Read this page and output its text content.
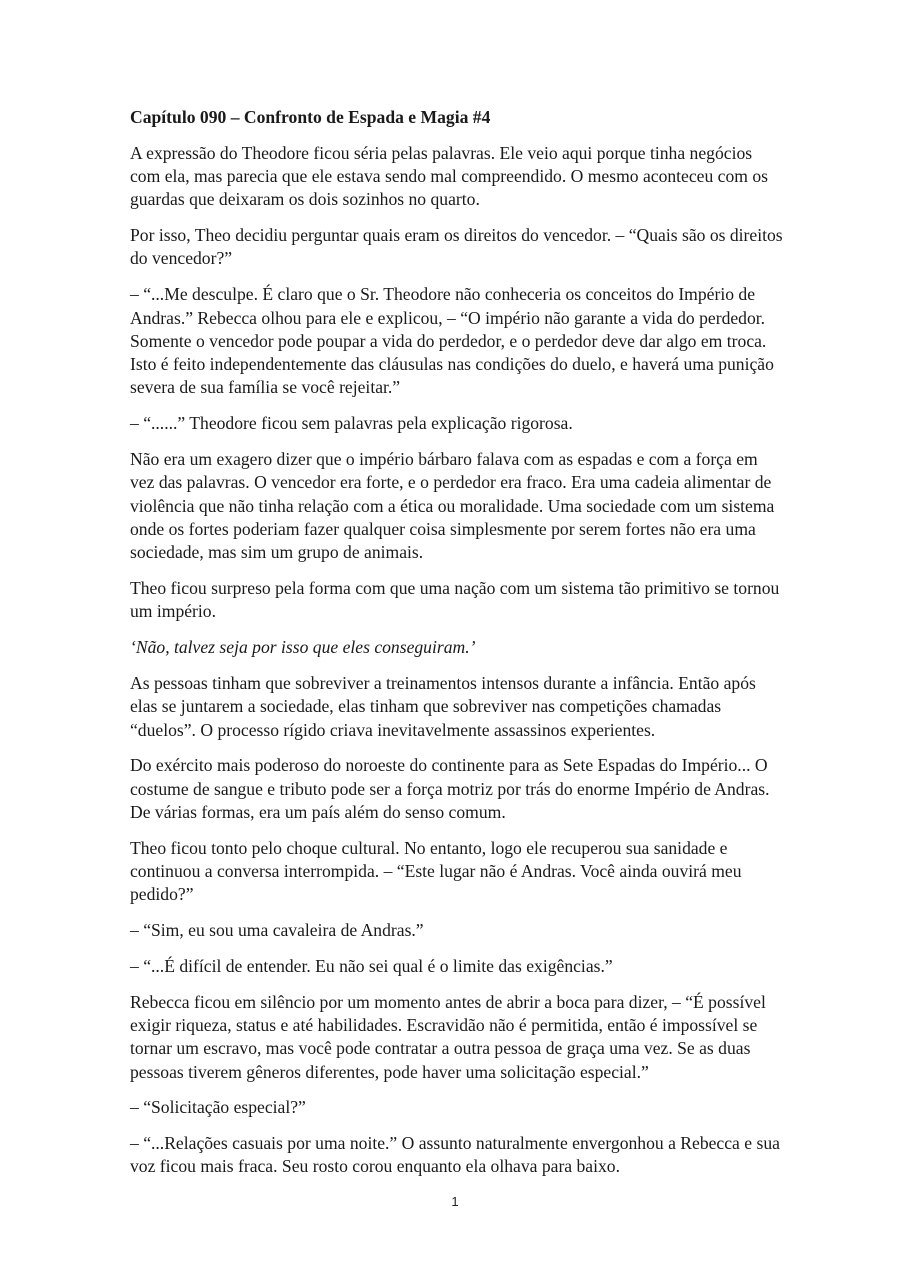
Capítulo 090 – Confronto de Espada e Magia #4

A expressão do Theodore ficou séria pelas palavras. Ele veio aqui porque tinha negócios com ela, mas parecia que ele estava sendo mal compreendido. O mesmo aconteceu com os guardas que deixaram os dois sozinhos no quarto.

Por isso, Theo decidiu perguntar quais eram os direitos do vencedor. – “Quais são os direitos do vencedor?”

– “...Me desculpe. É claro que o Sr. Theodore não conheceria os conceitos do Império de Andras.” Rebecca olhou para ele e explicou, – “O império não garante a vida do perdedor. Somente o vencedor pode poupar a vida do perdedor, e o perdedor deve dar algo em troca. Isto é feito independentemente das cláusulas nas condições do duelo, e haverá uma punição severa de sua família se você rejeitar.”

– “......” Theodore ficou sem palavras pela explicação rigorosa.

Não era um exagero dizer que o império bárbaro falava com as espadas e com a força em vez das palavras. O vencedor era forte, e o perdedor era fraco. Era uma cadeia alimentar de violência que não tinha relação com a ética ou moralidade. Uma sociedade com um sistema onde os fortes poderiam fazer qualquer coisa simplesmente por serem fortes não era uma sociedade, mas sim um grupo de animais.

Theo ficou surpreso pela forma com que uma nação com um sistema tão primitivo se tornou um império.

‘Não, talvez seja por isso que eles conseguiram.’

As pessoas tinham que sobreviver a treinamentos intensos durante a infância. Então após elas se juntarem a sociedade, elas tinham que sobreviver nas competições chamadas “duelos”. O processo rígido criava inevitavelmente assassinos experientes.

Do exército mais poderoso do noroeste do continente para as Sete Espadas do Império... O costume de sangue e tributo pode ser a força motriz por trás do enorme Império de Andras. De várias formas, era um país além do senso comum.

Theo ficou tonto pelo choque cultural. No entanto, logo ele recuperou sua sanidade e continuou a conversa interrompida. – “Este lugar não é Andras. Você ainda ouvirá meu pedido?”

– “Sim, eu sou uma cavaleira de Andras.”

– “...É difícil de entender. Eu não sei qual é o limite das exigências.”

Rebecca ficou em silêncio por um momento antes de abrir a boca para dizer, – “É possível exigir riqueza, status e até habilidades. Escravidão não é permitida, então é impossível se tornar um escravo, mas você pode contratar a outra pessoa de graça uma vez. Se as duas pessoas tiverem gêneros diferentes, pode haver uma solicitação especial.”

– “Solicitação especial?”

– “...Relações casuais por uma noite.” O assunto naturalmente envergonhou a Rebecca e sua voz ficou mais fraca. Seu rosto corou enquanto ela olhava para baixo.

1
